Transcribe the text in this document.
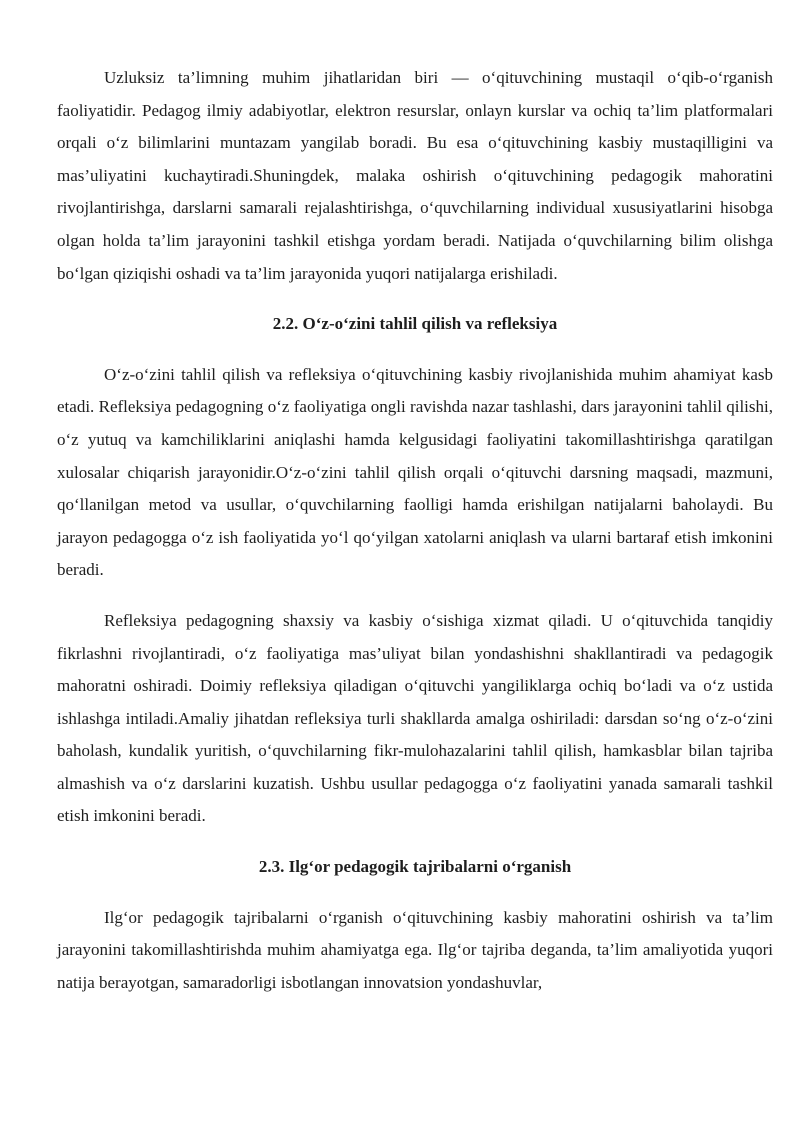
Uzluksiz ta’limning muhim jihatlaridan biri — o‘qituvchining mustaqil o‘qib-o‘rganish faoliyatidir. Pedagog ilmiy adabiyotlar, elektron resurslar, onlayn kurslar va ochiq ta’lim platformalari orqali o‘z bilimlarini muntazam yangilab boradi. Bu esa o‘qituvchining kasbiy mustaqilligini va mas’uliyatini kuchaytiradi.Shuningdek, malaka oshirish o‘qituvchining pedagogik mahoratini rivojlantirishga, darslarni samarali rejalashtirishga, o‘quvchilarning individual xususiyatlarini hisobga olgan holda ta’lim jarayonini tashkil etishga yordam beradi. Natijada o‘quvchilarning bilim olishga bo‘lgan qiziqishi oshadi va ta’lim jarayonida yuqori natijalarga erishiladi.

2.2. O‘z-o‘zini tahlil qilish va refleksiya

O‘z-o‘zini tahlil qilish va refleksiya o‘qituvchining kasbiy rivojlanishida muhim ahamiyat kasb etadi. Refleksiya pedagogning o‘z faoliyatiga ongli ravishda nazar tashlashi, dars jarayonini tahlil qilishi, o‘z yutuq va kamchiliklarini aniqlashi hamda kelgusidagi faoliyatini takomillashtirishga qaratilgan xulosalar chiqarish jarayonidir.O‘z-o‘zini tahlil qilish orqali o‘qituvchi darsning maqsadi, mazmuni, qo‘llanilgan metod va usullar, o‘quvchilarning faolligi hamda erishilgan natijalarni baholaydi. Bu jarayon pedagogga o‘z ish faoliyatida yo‘l qo‘yilgan xatolarni aniqlash va ularni bartaraf etish imkonini beradi.

Refleksiya pedagogning shaxsiy va kasbiy o‘sishiga xizmat qiladi. U o‘qituvchida tanqidiy fikrlashni rivojlantiradi, o‘z faoliyatiga mas’uliyat bilan yondashishni shakllantiradi va pedagogik mahoratni oshiradi. Doimiy refleksiya qiladigan o‘qituvchi yangiliklarga ochiq bo‘ladi va o‘z ustida ishlashga intiladi.Amaliy jihatdan refleksiya turli shakllarda amalga oshiriladi: darsdan so‘ng o‘z-o‘zini baholash, kundalik yuritish, o‘quvchilarning fikr-mulohazalarini tahlil qilish, hamkasblar bilan tajriba almashish va o‘z darslarini kuzatish. Ushbu usullar pedagogga o‘z faoliyatini yanada samarali tashkil etish imkonini beradi.

2.3. Ilg‘or pedagogik tajribalarni o‘rganish

Ilg‘or pedagogik tajribalarni o‘rganish o‘qituvchining kasbiy mahoratini oshirish va ta’lim jarayonini takomillashtirishda muhim ahamiyatga ega. Ilg‘or tajriba deganda, ta’lim amaliyotida yuqori natija berayotgan, samaradorligi isbotlangan innovatsion yondashuvlar,
